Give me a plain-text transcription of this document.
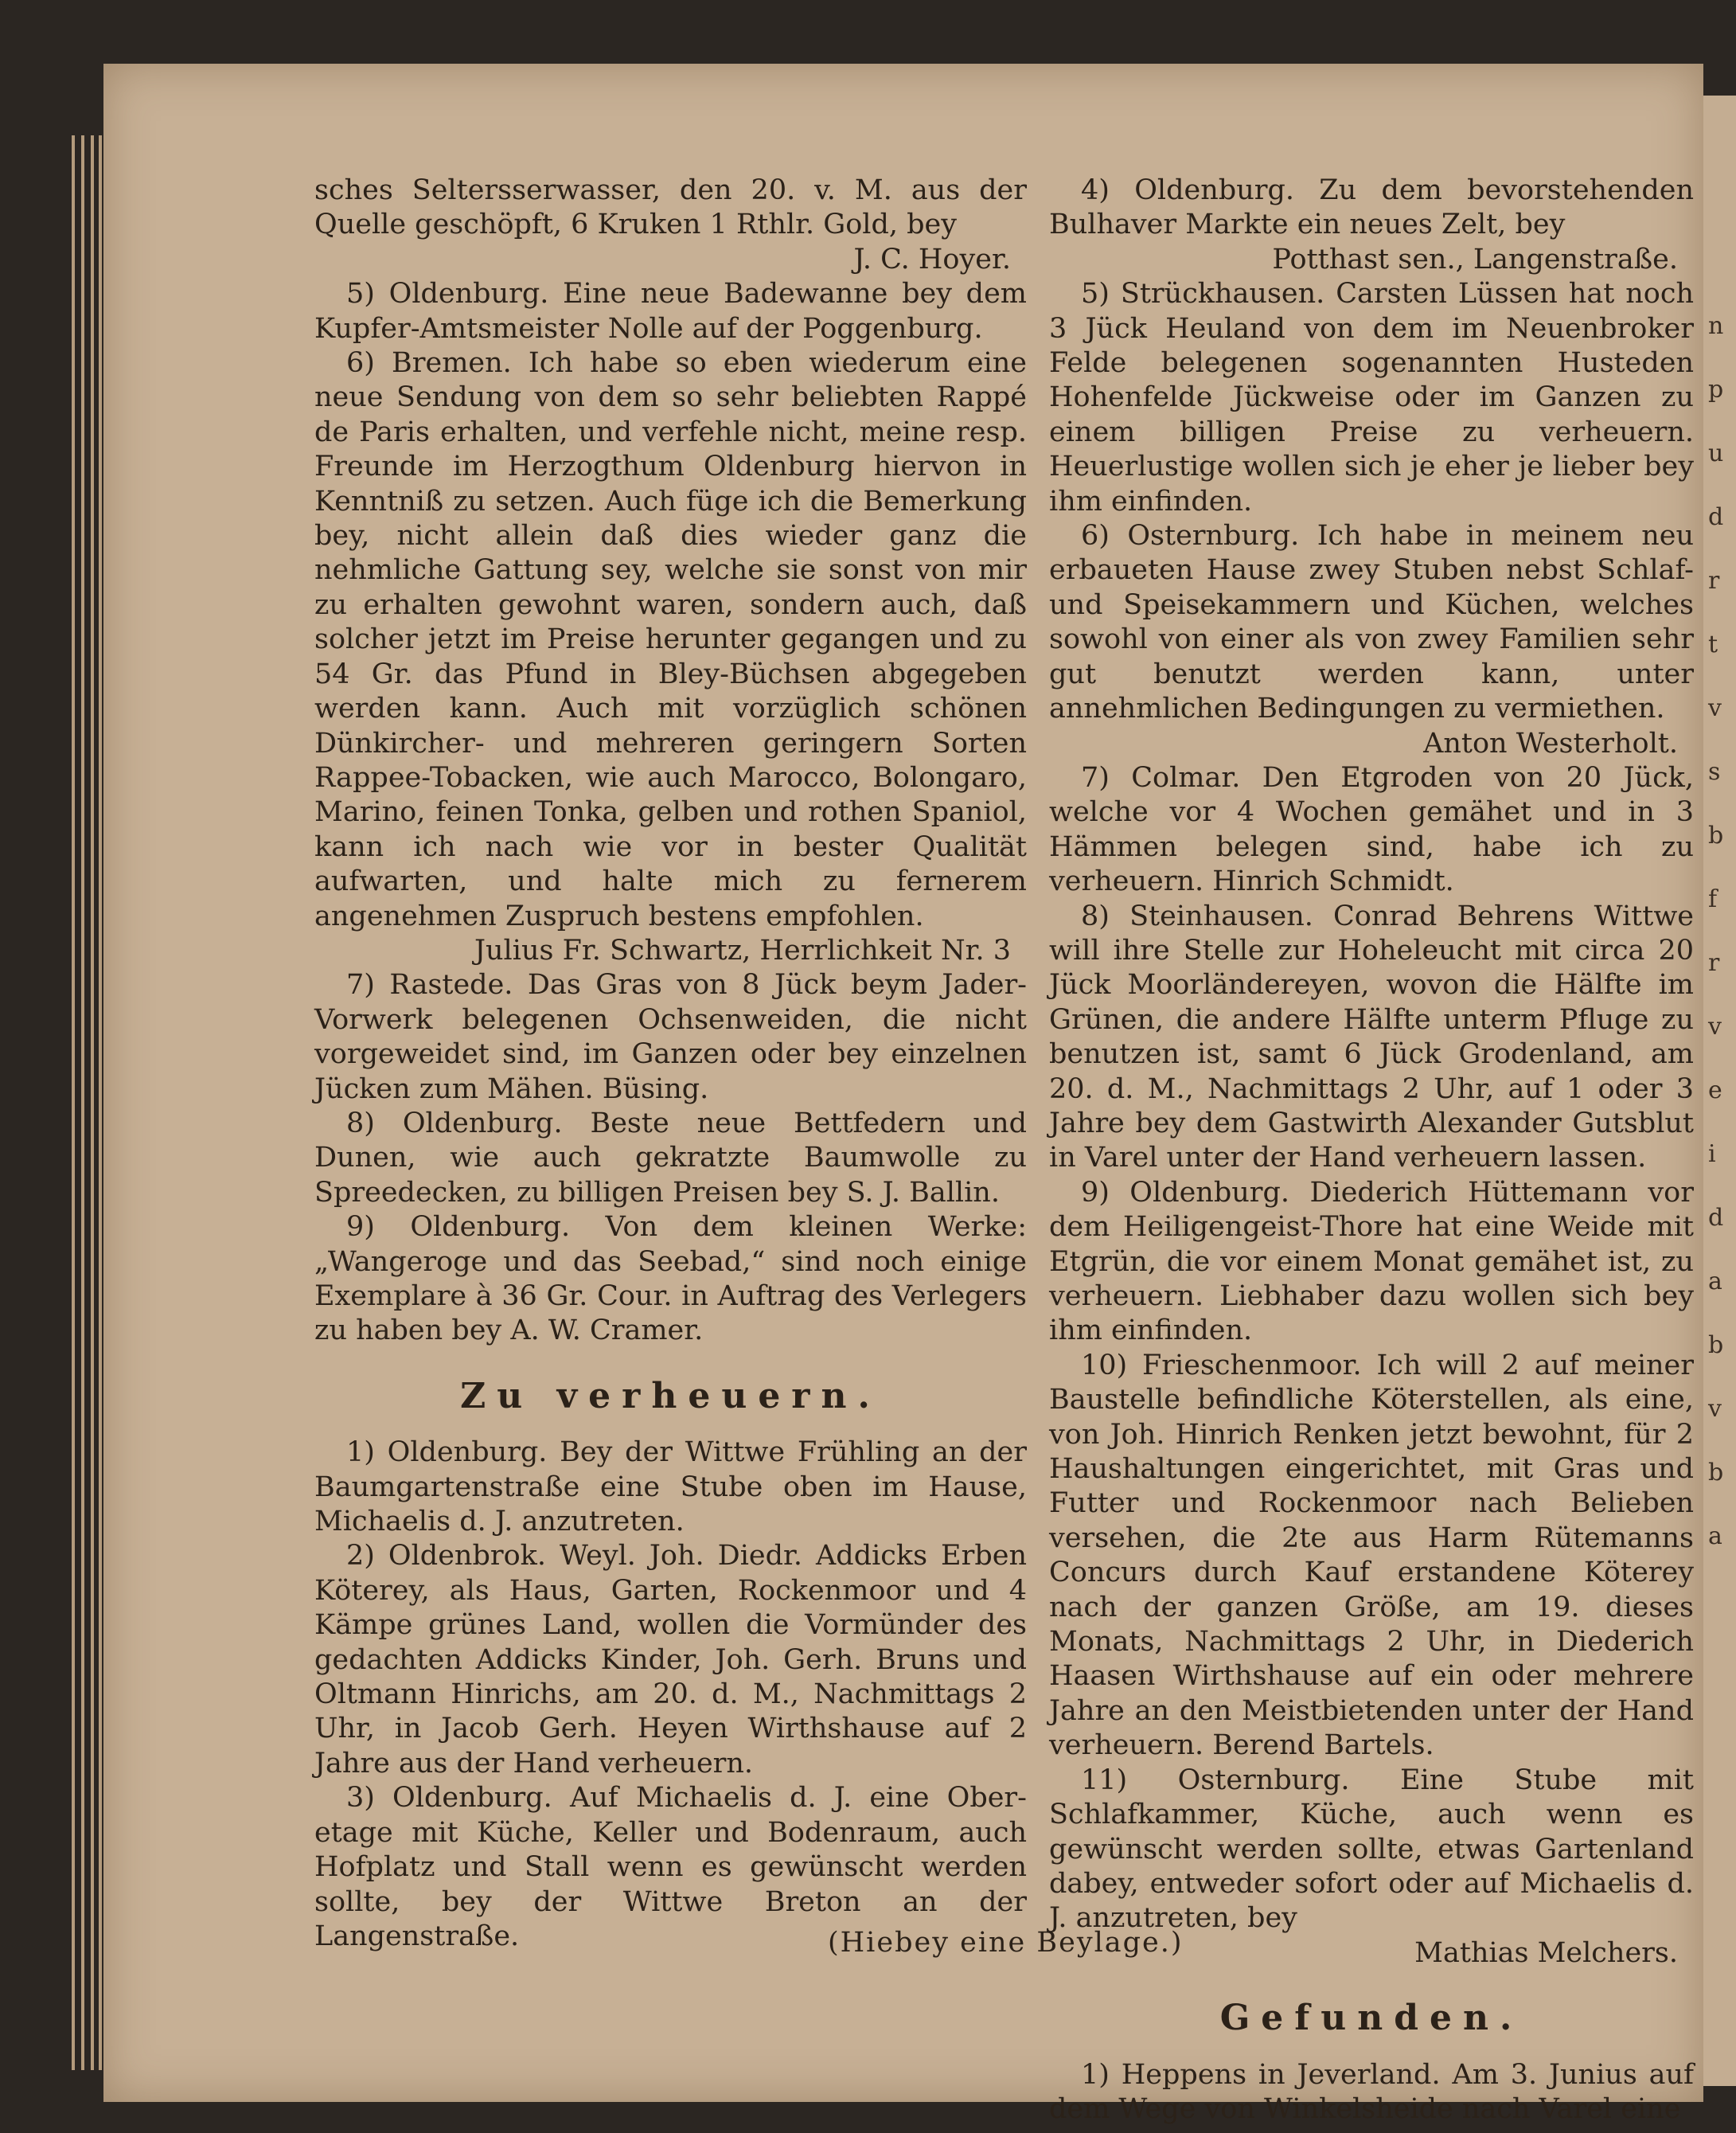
sches Seltersserwasser, den 20. v. M. aus der Quelle geschöpft, 6 Kruken 1 Rthlr. Gold, bey

J. C. Hoyer.

5) Oldenburg. Eine neue Badewanne bey dem Kupfer-Amtsmeister Nolle auf der Poggenburg.

6) Bremen. Ich habe so eben wiederum eine neue Sendung von dem so sehr beliebten Rappé de Paris erhalten, und verfehle nicht, meine resp. Freunde im Herzogthum Oldenburg hiervon in Kenntniß zu setzen. Auch füge ich die Bemerkung bey, nicht allein daß dies wieder ganz die nehmliche Gattung sey, welche sie sonst von mir zu erhalten gewohnt waren, sondern auch, daß solcher jetzt im Preise herunter gegangen und zu 54 Gr. das Pfund in Bley-Büchsen abgegeben werden kann. Auch mit vorzüglich schönen Dünkircher- und mehreren geringern Sorten Rappee-Tobacken, wie auch Marocco, Bolongaro, Marino, feinen Tonka, gelben und rothen Spaniol, kann ich nach wie vor in bester Qualität aufwarten, und halte mich zu fernerem angenehmen Zuspruch bestens empfohlen.

Julius Fr. Schwartz, Herrlichkeit Nr. 3

7) Rastede. Das Gras von 8 Jück beym Jader-Vorwerk belegenen Ochsenweiden, die nicht vorgeweidet sind, im Ganzen oder bey einzelnen Jücken zum Mähen. Büsing.

8) Oldenburg. Beste neue Bettfedern und Dunen, wie auch gekratzte Baumwolle zu Spreedecken, zu billigen Preisen bey S. J. Ballin.

9) Oldenburg. Von dem kleinen Werke: „Wangeroge und das Seebad,“ sind noch einige Exemplare à 36 Gr. Cour. in Auftrag des Verlegers zu haben bey A. W. Cramer.

Zu verheuern.

1) Oldenburg. Bey der Wittwe Frühling an der Baumgartenstraße eine Stube oben im Hause, Michaelis d. J. anzutreten.

2) Oldenbrok. Weyl. Joh. Diedr. Addicks Erben Köterey, als Haus, Garten, Rockenmoor und 4 Kämpe grünes Land, wollen die Vormünder des gedachten Addicks Kinder, Joh. Gerh. Bruns und Oltmann Hinrichs, am 20. d. M., Nachmittags 2 Uhr, in Jacob Gerh. Heyen Wirthshause auf 2 Jahre aus der Hand verheuern.

3) Oldenburg. Auf Michaelis d. J. eine Ober-etage mit Küche, Keller und Bodenraum, auch Hofplatz und Stall wenn es gewünscht werden sollte, bey der Wittwe Breton an der Langenstraße.

4) Oldenburg. Zu dem bevorstehenden Bulhaver Markte ein neues Zelt, bey

Potthast sen., Langenstraße.

5) Strückhausen. Carsten Lüssen hat noch 3 Jück Heuland von dem im Neuenbroker Felde belegenen sogenannten Husteden Hohenfelde Jückweise oder im Ganzen zu einem billigen Preise zu verheuern. Heuerlustige wollen sich je eher je lieber bey ihm einfinden.

6) Osternburg. Ich habe in meinem neu erbaueten Hause zwey Stuben nebst Schlaf- und Speisekammern und Küchen, welches sowohl von einer als von zwey Familien sehr gut benutzt werden kann, unter annehmlichen Bedingungen zu vermiethen.

Anton Westerholt.

7) Colmar. Den Etgroden von 20 Jück, welche vor 4 Wochen gemähet und in 3 Hämmen belegen sind, habe ich zu verheuern. Hinrich Schmidt.

8) Steinhausen. Conrad Behrens Wittwe will ihre Stelle zur Hoheleucht mit circa 20 Jück Moorländereyen, wovon die Hälfte im Grünen, die andere Hälfte unterm Pfluge zu benutzen ist, samt 6 Jück Grodenland, am 20. d. M., Nachmittags 2 Uhr, auf 1 oder 3 Jahre bey dem Gastwirth Alexander Gutsblut in Varel unter der Hand verheuern lassen.

9) Oldenburg. Diederich Hüttemann vor dem Heiligengeist-Thore hat eine Weide mit Etgrün, die vor einem Monat gemähet ist, zu verheuern. Liebhaber dazu wollen sich bey ihm einfinden.

10) Frieschenmoor. Ich will 2 auf meiner Baustelle befindliche Köterstellen, als eine, von Joh. Hinrich Renken jetzt bewohnt, für 2 Haushaltungen eingerichtet, mit Gras und Futter und Rockenmoor nach Belieben versehen, die 2te aus Harm Rütemanns Concurs durch Kauf erstandene Köterey nach der ganzen Größe, am 19. dieses Monats, Nachmittags 2 Uhr, in Diederich Haasen Wirthshause auf ein oder mehrere Jahre an den Meistbietenden unter der Hand verheuern. Berend Bartels.

11) Osternburg. Eine Stube mit Schlafkammer, Küche, auch wenn es gewünscht werden sollte, etwas Gartenland dabey, entweder sofort oder auf Michaelis d. J. anzutreten, bey

Mathias Melchers.

Gefunden.

1) Heppens in Jeverland. Am 3. Junius auf dem Wege von Winkelsheide nach Varel eine

(Hiebey eine Beylage.)
n
p
u
d
r
t
v
s
b
f
r
v
e
i
d
a
b
v
b
a
